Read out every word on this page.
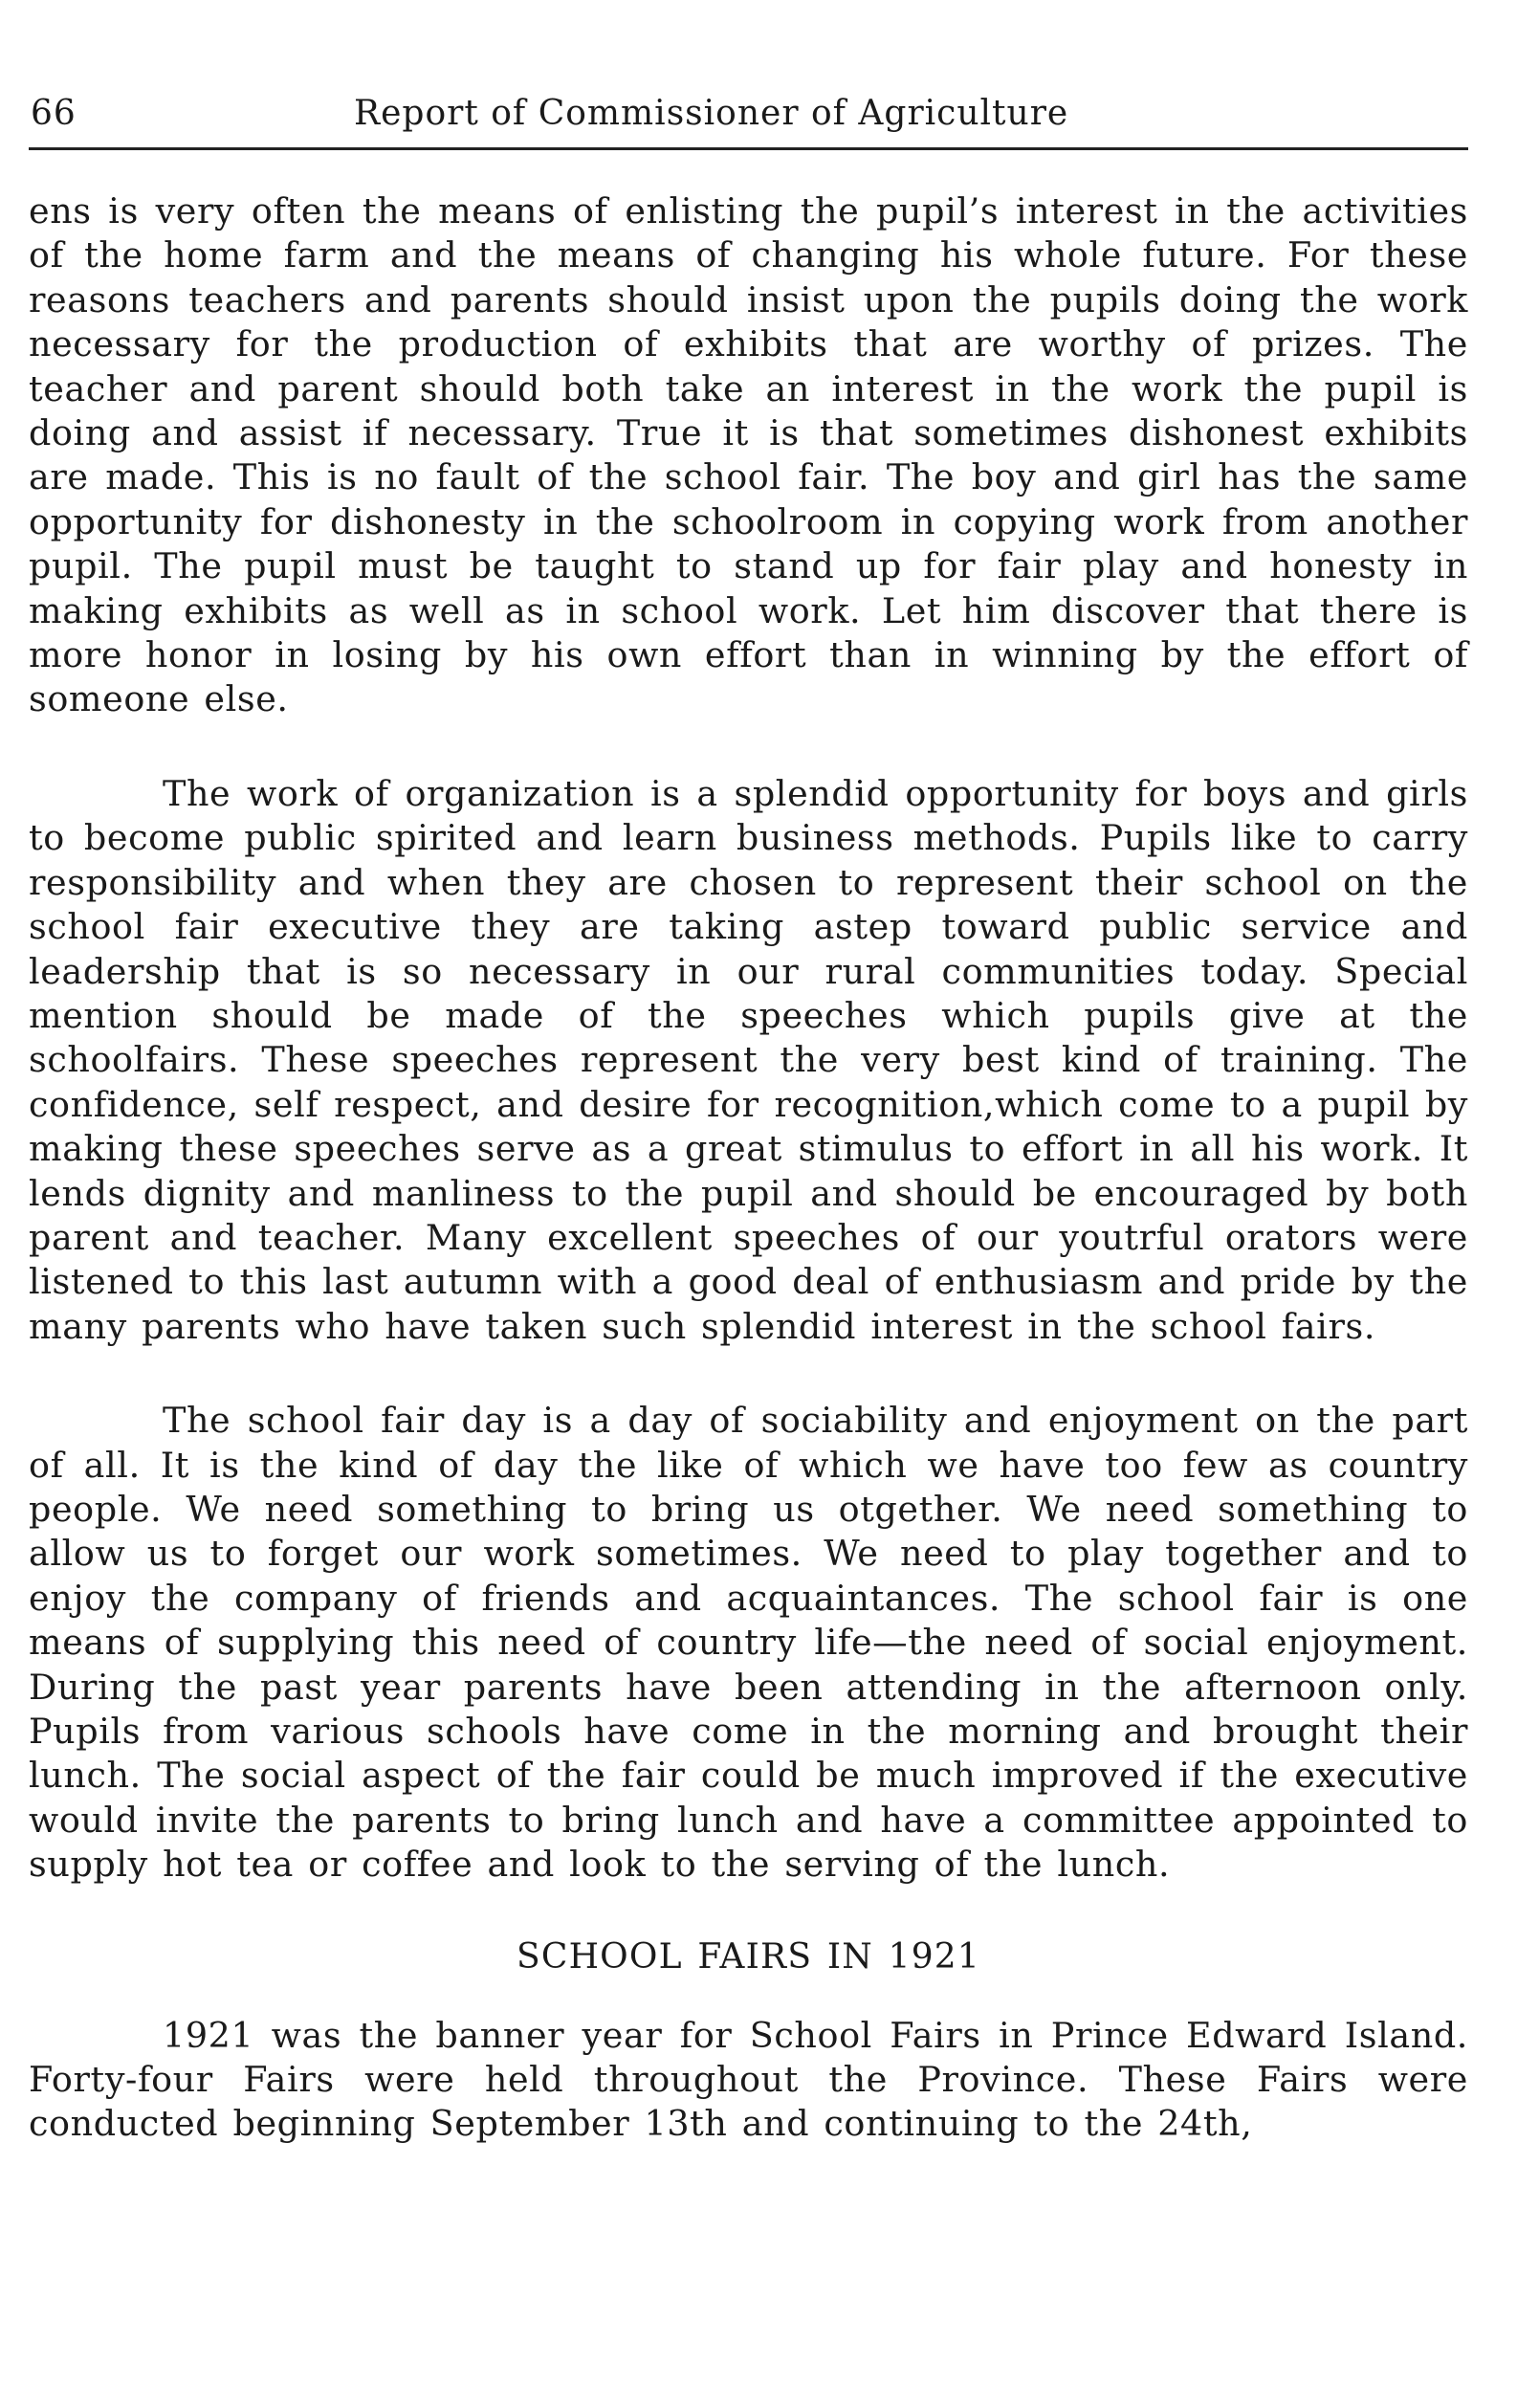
66	Report of Commissioner of Agriculture

ens is very often the means of enlisting the pupil’s interest in the activities of the home farm and the means of changing his whole future. For these reasons teachers and parents should insist upon the pupils doing the work necessary for the production of exhibits that are worthy of prizes. The teacher and parent should both take an interest in the work the pupil is doing and assist if necessary. True it is that sometimes dishonest exhibits are made. This is no fault of the school fair. The boy and girl has the same opportunity for dishonesty in the schoolroom in copying work from another pupil. The pupil must be taught to stand up for fair play and honesty in making exhibits as well as in school work. Let him discover that there is more honor in losing by his own effort than in winning by the effort of someone else.

The work of organization is a splendid opportunity for boys and girls to become public spirited and learn business methods. Pupils like to carry responsibility and when they are chosen to represent their school on the school fair executive they are taking astep toward public service and leadership that is so necessary in our rural communities today. Special mention should be made of the speeches which pupils give at the schoolfairs. These speeches represent the very best kind of training. The confidence, self respect, and desire for recognition,which come to a pupil by making these speeches serve as a great stimulus to effort in all his work. It lends dignity and manliness to the pupil and should be encouraged by both parent and teacher. Many excellent speeches of our youtrful orators were listened to this last autumn with a good deal of enthusiasm and pride by the many parents who have taken such splendid interest in the school fairs.

The school fair day is a day of sociability and enjoyment on the part of all. It is the kind of day the like of which we have too few as country people. We need something to bring us otgether. We need something to allow us to forget our work sometimes. We need to play together and to enjoy the company of friends and acquaintances. The school fair is one means of supplying this need of country life—the need of social enjoyment. During the past year parents have been attending in the afternoon only. Pupils from various schools have come in the morning and brought their lunch. The social aspect of the fair could be much improved if the executive would invite the parents to bring lunch and have a committee appointed to supply hot tea or coffee and look to the serving of the lunch.

SCHOOL FAIRS IN 1921

1921 was the banner year for School Fairs in Prince Edward Island. Forty-four Fairs were held throughout the Province. These Fairs were conducted beginning September 13th and continuing to the 24th,
